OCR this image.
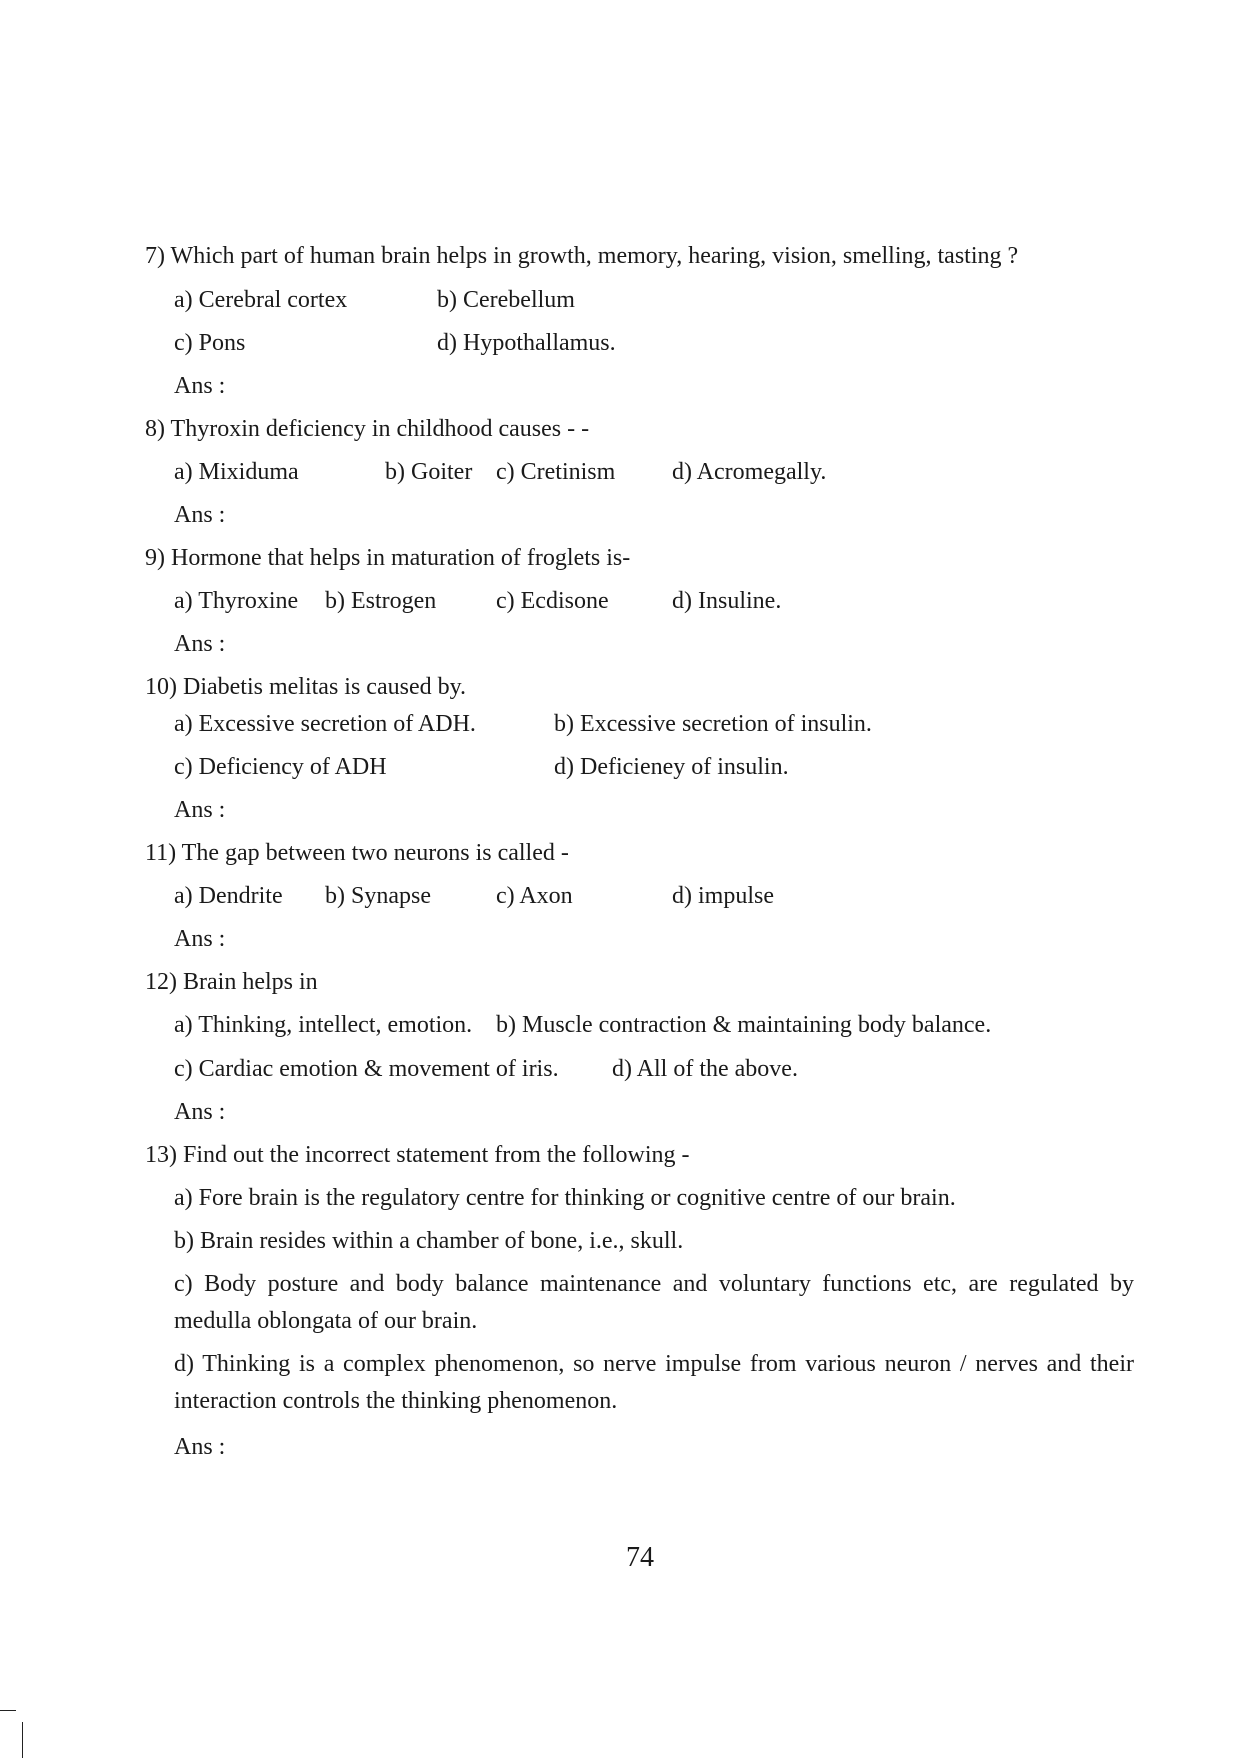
7) Which part of human brain helps in growth, memory, hearing, vision, smelling, tasting ?
a) Cerebral cortex	b) Cerebellum
c) Pons	d) Hypothallamus.
Ans :
8) Thyroxin deficiency in childhood causes - -
a) Mixiduma	b) Goiter c) Cretinism d) Acromegally.
Ans :
9) Hormone that helps in maturation of froglets is-
a) Thyroxine b) Estrogen c) Ecdisone	d) Insuline.
Ans :
10) Diabetis melitas is caused by.
a) Excessive secretion of ADH.	b) Excessive secretion of insulin.
c) Deficiency of ADH	d) Deficieney of insulin.
Ans :
11) The gap between two neurons is called -
a) Dendrite b) Synapse	c) Axon	d) impulse
Ans :
12) Brain helps in
a) Thinking, intellect, emotion. b) Muscle contraction & maintaining body balance.
c) Cardiac emotion & movement of iris. d) All of the above.
Ans :
13) Find out the incorrect statement from the following -
a) Fore brain is the regulatory centre for thinking or cognitive centre of our brain.
b) Brain resides within a chamber of bone, i.e., skull.
c) Body posture and body balance maintenance and voluntary functions etc, are regulated by medulla oblongata of our brain.
d) Thinking is a complex phenomenon, so nerve impulse from various neuron / nerves and their interaction controls the thinking phenomenon.
Ans :
74
